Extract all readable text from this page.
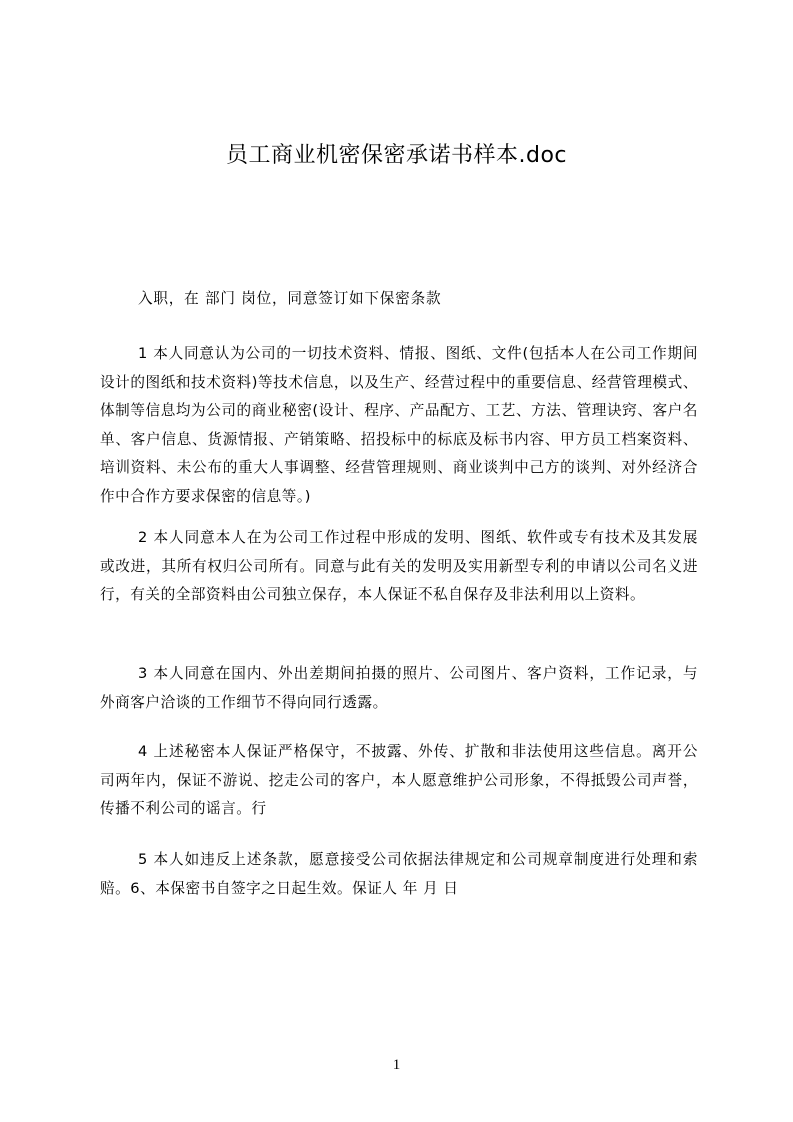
员工商业机密保密承诺书样本.doc
入职，在 部门 岗位，同意签订如下保密条款
1 本人同意认为公司的一切技术资料、情报、图纸、文件(包括本人在公司工作期间设计的图纸和技术资料)等技术信息，以及生产、经营过程中的重要信息、经营管理模式、体制等信息均为公司的商业秘密(设计、程序、产品配方、工艺、方法、管理诀窍、客户名单、客户信息、货源情报、产销策略、招投标中的标底及标书内容、甲方员工档案资料、培训资料、未公布的重大人事调整、经营管理规则、商业谈判中己方的谈判、对外经济合作中合作方要求保密的信息等。)
2 本人同意本人在为公司工作过程中形成的发明、图纸、软件或专有技术及其发展或改进，其所有权归公司所有。同意与此有关的发明及实用新型专利的申请以公司名义进行，有关的全部资料由公司独立保存，本人保证不私自保存及非法利用以上资料。
3 本人同意在国内、外出差期间拍摄的照片、公司图片、客户资料，工作记录，与外商客户洽谈的工作细节不得向同行透露。
4 上述秘密本人保证严格保守，不披露、外传、扩散和非法使用这些信息。离开公司两年内，保证不游说、挖走公司的客户，本人愿意维护公司形象，不得抵毁公司声誉，传播不利公司的谣言。行
5 本人如违反上述条款，愿意接受公司依据法律规定和公司规章制度进行处理和索赔。6、本保密书自签字之日起生效。保证人 年 月 日
1
